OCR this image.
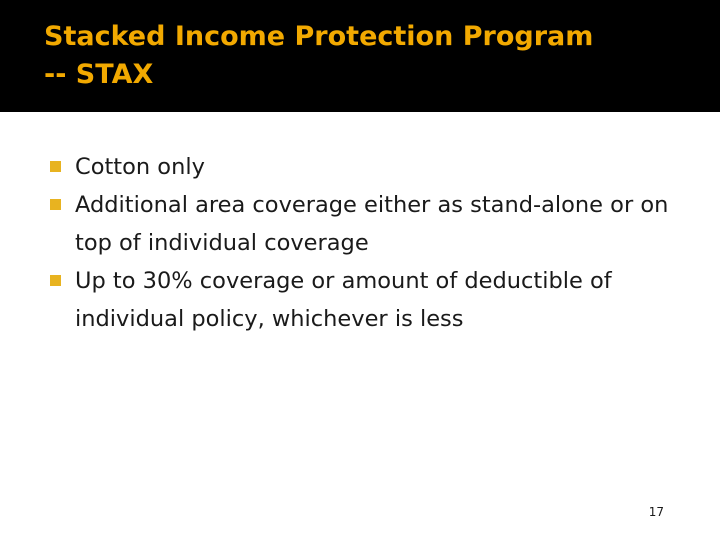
Stacked Income Protection Program
-- STAX
Cotton only
Additional area coverage either as stand-alone or on top of individual coverage
Up to 30% coverage or amount of deductible of individual policy, whichever is less
17
